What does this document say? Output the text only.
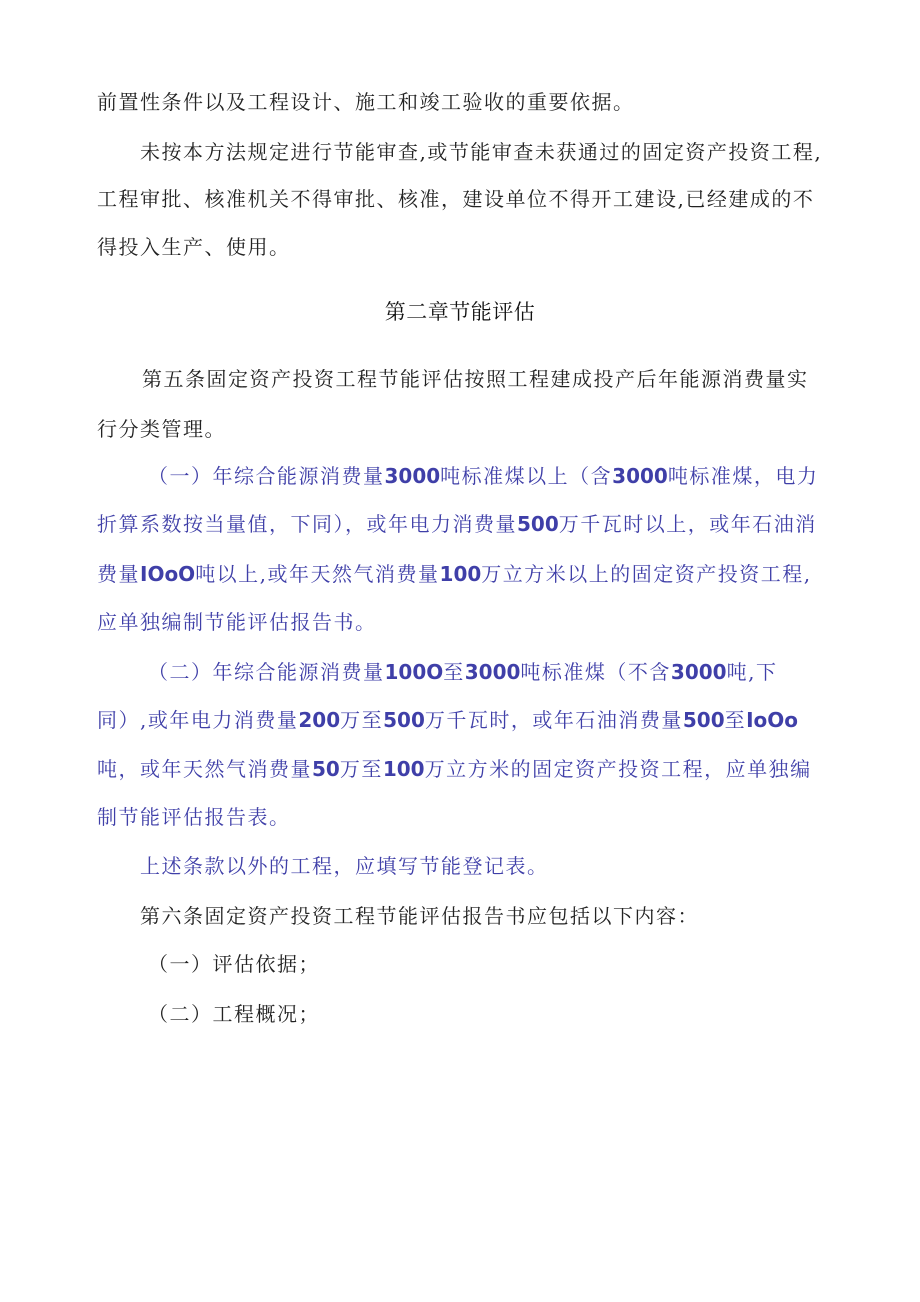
前置性条件以及工程设计、施工和竣工验收的重要依据。
未按本方法规定进行节能审查,或节能审查未获通过的固定资产投资工程,
工程审批、核准机关不得审批、核准，建设单位不得开工建设,已经建成的不
得投入生产、使用。
第二章节能评估
第五条固定资产投资工程节能评估按照工程建成投产后年能源消费量实
行分类管理。
（一）年综合能源消费量3000吨标准煤以上（含3000吨标准煤，电力
折算系数按当量值，下同），或年电力消费量500万千瓦时以上，或年石油消
费量IOoO吨以上,或年天然气消费量100万立方米以上的固定资产投资工程,
应单独编制节能评估报告书。
（二）年综合能源消费量100O至3000吨标准煤（不含3000吨,下
同）,或年电力消费量200万至500万千瓦时，或年石油消费量500至IoOo
吨，或年天然气消费量50万至100万立方米的固定资产投资工程，应单独编
制节能评估报告表。
上述条款以外的工程，应填写节能登记表。
第六条固定资产投资工程节能评估报告书应包括以下内容：
（一）评估依据；
（二）工程概况；
